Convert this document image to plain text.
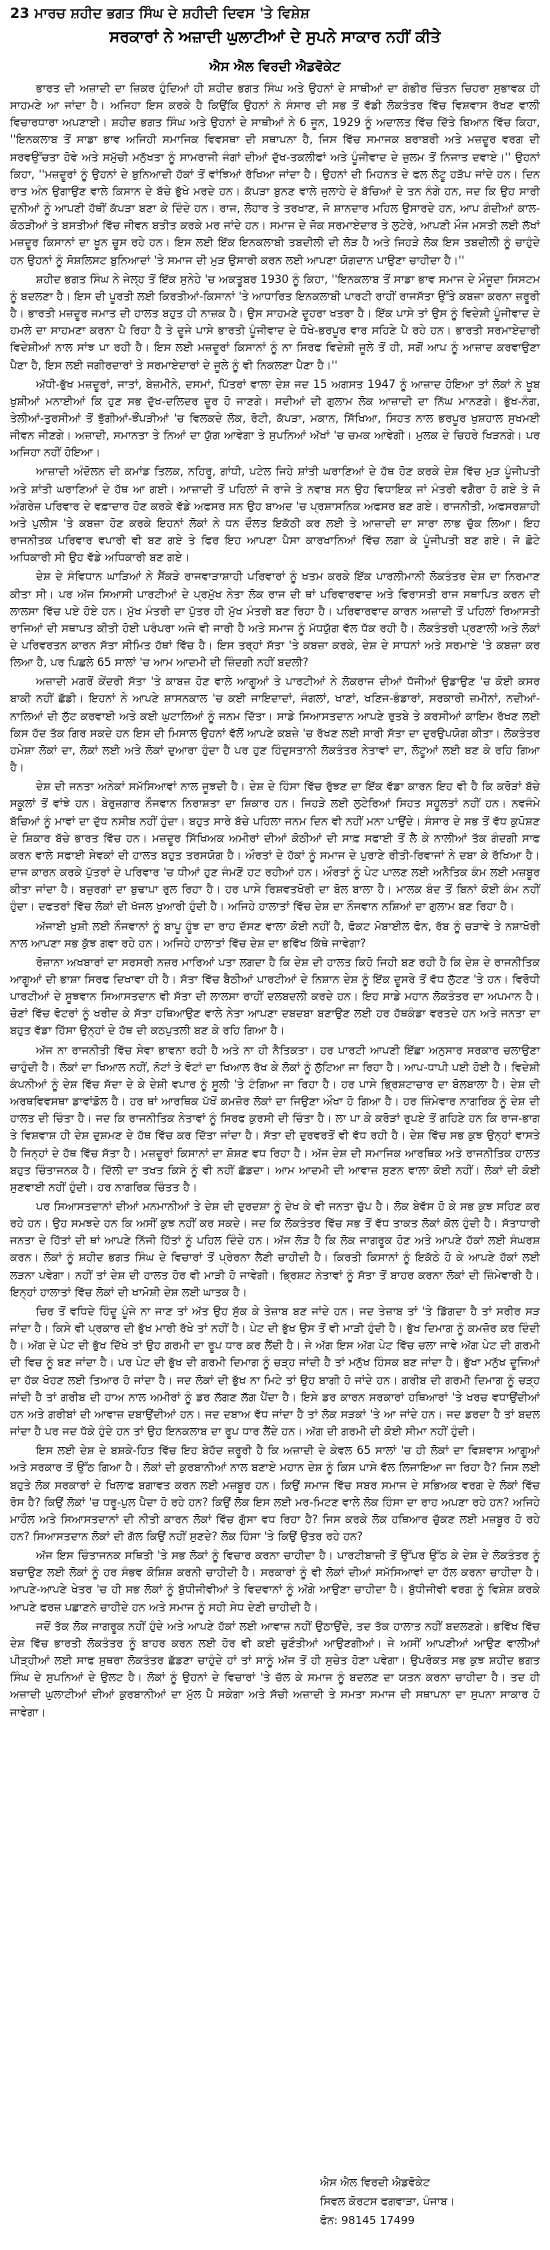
23 ਮਾਰਚ ਸ਼ਹੀਦ ਭਗਤ ਸਿੰਘ ਦੇ ਸ਼ਹੀਦੀ ਦਿਵਸ 'ਤੇ ਵਿਸ਼ੇਸ਼
ਸਰਕਾਰਾਂ ਨੇ ਅਜ਼ਾਦੀ ਘੁਲਾਟੀਆਂ ਦੇ ਸੁਪਨੇ ਸਾਕਾਰ ਨਹੀਂ ਕੀਤੇ
ਐਸ ਐਲ ਵਿਰਦੀ ਐਡਵੋਕੇਟ

ਭਾਰਤ ਦੀ ਅਜ਼ਾਦੀ ਦਾ ਜ਼ਿਕਰ ਹੁੰਦਿਆਂ ਹੀ ਸ਼ਹੀਦ ਭਗਤ ਸਿੰਘ ਅਤੇ ਉਹਨਾਂ ਦੇ ਸਾਥੀਆਂ ਦਾ ਗੰਭੀਰ ਚਿੰਤਨ ਚਿਹਰਾ ਸੁਭਾਵਕ ਹੀ ਸਾਹਮਣੇ ਆ ਜਾਂਦਾ ਹੈ। ਅਜਿਹਾ ਇਸ ਕਰਕੇ ਹੈ ਕਿਉਂਕਿ ਉਹਨਾਂ ਨੇ ਸੰਸਾਰ ਦੀ ਸਭ ਤੋਂ ਵੱਡੀ ਲੋਕਤੰਤਰ ਵਿੱਚ ਵਿਸ਼ਵਾਸ ਰੱਖਣ ਵਾਲੀ ਵਿਚਾਰਧਾਰਾ ਅਪਣਾਈ। ਸ਼ਹੀਦ ਭਗਤ ਸਿੰਘ ਅਤੇ ਉਹਨਾਂ ਦੇ ਸਾਥੀਆਂ ਨੇ 6 ਜੂਨ, 1929 ਨੂੰ ਅਦਾਲਤ ਵਿੱਚ ਦਿੱਤੇ ਬਿਆਨ ਵਿੱਚ ਕਿਹਾ, ''ਇਨਕਲਾਬ ਤੋਂ ਸਾਡਾ ਭਾਵ ਅਜਿਹੀ ਸਮਾਜਿਕ ਵਿਵਸਥਾ ਦੀ ਸਥਾਪਨਾ ਹੈ, ਜਿਸ ਵਿੱਚ ਸਮਾਜਕ ਬਰਾਬਰੀ ਅਤੇ ਮਜ਼ਦੂਰ ਵਰਗ ਦੀ ਸਰਵਉੱਚਤਾ ਹੋਵੇ ਅਤੇ ਸਮੁੱਚੀ ਮਨੁੱਖਤਾ ਨੂੰ ਸਾਮਰਾਜੀ ਜੰਗਾਂ ਦੀਆਂ ਦੁੱਖ-ਤਕਲੀਫਾਂ ਅਤੇ ਪੂੰਜੀਵਾਦ ਦੇ ਜ਼ੁਲਮ ਤੋਂ ਨਿਜਾਤ ਦਵਾਏ।'' ਉਹਨਾਂ ਕਿਹਾ, ''ਮਜ਼ਦੂਰਾਂ ਨੂੰ ਉਹਨਾਂ ਦੇ ਬੁਨਿਆਦੀ ਹੱਕਾਂ ਤੋਂ ਵਾਂਝਿਆਂ ਰੱਖਿਆ ਜਾਂਦਾ ਹੈ। ਉਹਨਾਂ ਦੀ ਮਿਹਨਤ ਦੇ ਫਲ ਲੋਟੂ ਹੜੱਪ ਜਾਂਦੇ ਹਨ। ਦਿਨ ਰਾਤ ਅੰਨ ਉਗਾਉਣ ਵਾਲੇ ਕਿਸਾਨ ਦੇ ਬੱਚੇ ਭੁੱਖੇ ਮਰਦੇ ਹਨ। ਕੱਪੜਾ ਬੁਨਣ ਵਾਲੇ ਜੁਲਾਹੇ ਦੇ ਬੱਚਿਆਂ ਦੇ ਤਨ ਨੰਗੇ ਹਨ, ਜਦ ਕਿ ਉਹ ਸਾਰੀ ਦੁਨੀਆਂ ਨੂੰ ਆਪਣੀ ਹੱਥੀਂ ਕੱਪੜਾ ਬਣਾ ਕੇ ਦਿੰਦੇ ਹਨ। ਰਾਜ, ਲੋਹਾਰ ਤੇ ਤਰਖਾਣ, ਜੋ ਸ਼ਾਨਦਾਰ ਮਹਿਲ ਉਸਾਰਦੇ ਹਨ, ਆਪ ਗੰਦੀਆਂ ਕਾਲ-ਕੋਠੜੀਆਂ ਤੇ ਬਸਤੀਆਂ ਵਿੱਚ ਜੀਵਨ ਬਤੀਤ ਕਰਕੇ ਮਰ ਜਾਂਦੇ ਹਨ। ਸਮਾਜ ਦੇ ਜੋਕ ਸਰਮਾਏਦਾਰ ਤੇ ਲੁਟੇਰੇ, ਆਪਣੀ ਮੌਜ ਮਸਤੀ ਲਈ ਲੱਖਾਂ ਮਜ਼ਦੂਰ ਕਿਸਾਨਾਂ ਦਾ ਖੂਨ ਚੂਸ ਰਹੇ ਹਨ। ਇਸ ਲਈ ਇੱਕ ਇਨਕਲਾਬੀ ਤਬਦੀਲੀ ਦੀ ਲੋੜ ਹੈ ਅਤੇ ਜਿਹੜੇ ਲੋਕ ਇਸ ਤਬਦੀਲੀ ਨੂੰ ਚਾਹੁੰਦੇ ਹਨ ਉਹਨਾਂ ਨੂੰ ਸੋਸ਼ਲਿਸਟ ਬੁਨਿਆਦਾਂ 'ਤੇ ਸਮਾਜ ਦੀ ਮੁੜ ਉਸਾਰੀ ਕਰਨ ਲਈ ਆਪਣਾ ਯੋਗਦਾਨ ਪਾਉਣਾ ਚਾਹੀਦਾ ਹੈ।''

ਸ਼ਹੀਦ ਭਗਤ ਸਿੰਘ ਨੇ ਜੇਲ੍ਹ ਤੋਂ ਇੱਕ ਸੁਨੇਹੇ 'ਚ ਅਕਤੂਬਰ 1930 ਨੂੰ ਕਿਹਾ, ''ਇਨਕਲਾਬ ਤੋਂ ਸਾਡਾ ਭਾਵ ਸਮਾਜ ਦੇ ਮੌਜੂਦਾ ਸਿਸਟਮ ਨੂੰ ਬਦਲਣਾ ਹੈ। ਇਸ ਦੀ ਪੂਰਤੀ ਲਈ ਕਿਰਤੀਆਂ-ਕਿਸਾਨਾਂ 'ਤੇ ਆਧਾਰਿਤ ਇਨਕਲਾਬੀ ਪਾਰਟੀ ਰਾਹੀਂ ਰਾਜਸੱਤਾ ਉੱਤੇ ਕਬਜ਼ਾ ਕਰਨਾ ਜ਼ਰੂਰੀ ਹੈ। ਭਾਰਤੀ ਮਜ਼ਦੂਰ ਜਮਾਤ ਦੀ ਹਾਲਤ ਬਹੁਤ ਹੀ ਨਾਜ਼ਕ ਹੈ। ਉਸ ਸਾਹਮਣੇ ਦੂਹਰਾ ਖਤਰਾ ਹੈ। ਇੱਕ ਪਾਸੇ ਤਾਂ ਉਸ ਨੂੰ ਵਿਦੇਸ਼ੀ ਪੂੰਜੀਵਾਦ ਦੇ ਹਮਲੇ ਦਾ ਸਾਹਮਣਾ ਕਰਨਾ ਪੈ ਰਿਹਾ ਹੈ ਤੇ ਦੂਜੇ ਪਾਸੇ ਭਾਰਤੀ ਪੂੰਜੀਵਾਦ ਦੇ ਧੋਖੇ-ਭਰਪੂਰ ਵਾਰ ਸਹਿਣੇ ਪੈ ਰਹੇ ਹਨ। ਭਾਰਤੀ ਸਰਮਾਏਦਾਰੀ ਵਿਦੇਸ਼ੀਆਂ ਨਾਲ ਸਾਂਝ ਪਾ ਰਹੀ ਹੈ। ਇਸ ਲਈ ਮਜ਼ਦੂਰਾਂ ਕਿਸਾਨਾਂ ਨੂੰ ਨਾ ਸਿਰਫ ਵਿਦੇਸ਼ੀ ਜੂਲੇ ਤੋਂ ਹੀ, ਸਗੋਂ ਆਪ ਨੂੰ ਆਜ਼ਾਦ ਕਰਵਾਉਣਾ ਪੈਣਾ ਹੈ, ਇਸ ਲਈ ਜਗੀਰਦਾਰਾਂ ਤੇ ਸਰਮਾਏਦਾਰਾਂ ਦੇ ਜੂਲੇ ਨੂੰ ਵੀ ਨਿਕਲਣਾ ਪੈਣਾ ਹੈ।''

ਅੱਧੀ-ਭੁੱਖ ਮਜ਼ਦੂਰਾਂ, ਜਾਤਾਂ, ਬੇਜ਼ਮੀਨੇ, ਦਸਮਾਂ, ਪਿੱਤਰਾਂ ਵਾਲਾ ਦੇਸ਼ ਜਦ 15 ਅਗਸਤ 1947 ਨੂੰ ਆਜ਼ਾਦ ਹੋਇਆ ਤਾਂ ਲੋਕਾਂ ਨੇ ਖੂਬ ਖੁਸ਼ੀਆਂ ਮਨਾਈਆਂ ਕਿ ਹੁਣ ਸਭ ਦੁੱਖ-ਦਲਿਦਰ ਦੂਰ ਹੋ ਜਾਣਗੇ। ਸਦੀਆਂ ਦੀ ਗੁਲਾਮ ਲੋਕ ਆਜ਼ਾਦੀ ਦਾ ਨਿੱਘ ਮਾਨਣਗੇ। ਭੁੱਖ-ਨੰਗ, ਤੇਲੀਆਂ-ਤੁਰਸੀਆਂ ਤੋਂ ਝੁੱਗੀਆਂ-ਝੌਂਪੜੀਆਂ 'ਚ ਵਿਲਕਦੇ ਲੋਕ, ਰੋਟੀ, ਕੱਪੜਾ, ਮਕਾਨ, ਸਿੱਖਿਆ, ਸਿਹਤ ਨਾਲ ਭਰਪੂਰ ਖੁਸ਼ਹਾਲ ਸੁਖਮਈ ਜੀਵਨ ਜੀਣਗੇ। ਅਜ਼ਾਦੀ, ਸਮਾਨਤਾ ਤੇ ਨਿਆਂ ਦਾ ਯੁੱਗ ਆਵੇਗਾ ਤੇ ਸੁਪਨਿਆਂ ਅੱਖਾਂ 'ਚ ਚਮਕ ਆਵੇਗੀ। ਮੁਲਕ ਦੇ ਚਿਹਰੇ ਖਿੜਨਗੇ। ਪਰ ਅਜਿਹਾ ਨਹੀਂ ਹੋਇਆ।

ਆਜ਼ਾਦੀ ਅੰਦੋਲਨ ਦੀ ਕਮਾਂਡ ਤਿਲਕ, ਨਹਿਰੂ, ਗਾਂਧੀ, ਪਟੇਲ ਜਿਹੇ ਸ਼ਾਂਤੀ ਘਰਾਣਿਆਂ ਦੇ ਹੱਥ ਹੋਣ ਕਰਕੇ ਦੇਸ਼ ਵਿੱਚ ਮੁੜ ਪੂੰਜੀਪਤੀ ਅਤੇ ਸ਼ਾਂਤੀ ਘਰਾਣਿਆਂ ਦੇ ਹੱਥ ਆ ਗਈ। ਆਜ਼ਾਦੀ ਤੋਂ ਪਹਿਲਾਂ ਜੋ ਰਾਜੇ ਤੇ ਨਵਾਬ ਸਨ ਉਹ ਵਿਧਾਇਕ ਜਾਂ ਮੰਤਰੀ ਵਗੈਰਾ ਹੋ ਗਏ ਤੇ ਜੋ ਅੰਗਰੇਜ਼ ਪਰਿਵਾਰ ਦੇ ਵਫ਼ਾਦਾਰ ਹੋਣ ਕਰਕੇ ਵੱਡੇ ਅਫਸਰ ਸਨ ਉਹ ਬਾਅਦ 'ਚ ਪ੍ਰਸ਼ਾਸਨਿਕ ਅਫਸਰ ਬਣ ਗਏ। ਰਾਜਨੀਤੀ, ਅਫਸਰਸ਼ਾਹੀ ਅਤੇ ਪੁਲੀਸ 'ਤੇ ਕਬਜ਼ਾ ਹੋਣ ਕਰਕੇ ਇਹਨਾਂ ਲੋਕਾਂ ਨੇ ਧਨ ਦੌਲਤ ਇਕੱਠੀ ਕਰ ਲਈ ਤੇ ਆਜ਼ਾਦੀ ਦਾ ਸਾਰਾ ਲਾਭ ਚੁੱਕ ਲਿਆ। ਇਹ ਰਾਜਨੀਤਕ ਪਰਿਵਾਰ ਵਪਾਰੀ ਵੀ ਬਣ ਗਏ ਤੇ ਫਿਰ ਇਹ ਆਪਣਾ ਪੈਸਾ ਕਾਰਖਾਨਿਆਂ ਵਿੱਚ ਲਗਾ ਕੇ ਪੂੰਜੀਪਤੀ ਬਣ ਗਏ। ਜੋ ਛੋਟੇ ਅਧਿਕਾਰੀ ਸੀ ਉਹ ਵੱਡੇ ਅਧਿਕਾਰੀ ਬਣ ਗਏ।

ਦੇਸ਼ ਦੇ ਸੰਵਿਧਾਨ ਘਾੜਿਆਂ ਨੇ ਸੈਂਕੜੇ ਰਾਜਵਾੜਾਸ਼ਾਹੀ ਪਰਿਵਾਰਾਂ ਨੂੰ ਖਤਮ ਕਰਕੇ ਇੱਕ ਪਾਰਲੀਮਾਨੀ ਲੋਕਤੰਤਰ ਦੇਸ਼ ਦਾ ਨਿਰਮਾਣ ਕੀਤਾ ਸੀ। ਪਰ ਅੱਜ ਸਿਆਸੀ ਪਾਰਟੀਆਂ ਦੇ ਪ੍ਰਮੁੱਖ ਨੇਤਾ ਲੋਕ ਰਾਜ ਦੀ ਥਾਂ ਪਰਿਵਾਰਵਾਦ ਅਤੇ ਵਿਰਾਸਤੀ ਰਾਜ ਸਥਾਪਿਤ ਕਰਨ ਦੀ ਲਾਲਸਾ ਵਿੱਚ ਪਏ ਹੋਏ ਹਨ। ਮੁੱਖ ਮੰਤਰੀ ਦਾ ਪੁੱਤਰ ਹੀ ਮੁੱਖ ਮੰਤਰੀ ਬਣ ਰਿਹਾ ਹੈ। ਪਰਿਵਾਰਵਾਦ ਕਾਰਨ ਅਜ਼ਾਦੀ ਤੋਂ ਪਹਿਲਾਂ ਰਿਆਸਤੀ ਰਾਜਿਆਂ ਦੀ ਸਥਾਪਤ ਕੀਤੀ ਹੋਈ ਪਰੰਪਰਾ ਅਜੇ ਵੀ ਜਾਰੀ ਹੈ ਅਤੇ ਸਮਾਜ ਨੂੰ ਮੱਧਯੁੱਗ ਵੱਲ ਧੱਕ ਰਹੀ ਹੈ। ਲੋਕਤੰਤਰੀ ਪ੍ਰਣਾਲੀ ਅਤੇ ਲੋਕਾਂ ਦੇ ਪਰਿਵਰਤਨ ਕਾਰਨ ਸੱਤਾ ਸੀਮਿਤ ਹੱਥਾਂ ਵਿੱਚ ਹੈ। ਇਸ ਤਰ੍ਹਾਂ ਸੱਤਾ 'ਤੇ ਕਬਜ਼ਾ ਕਰਕੇ, ਦੇਸ਼ ਦੇ ਸਾਧਨਾਂ ਅਤੇ ਸਰਮਾਏ 'ਤੇ ਕਬਜ਼ਾ ਕਰ ਲਿਆ ਹੈ, ਪਰ ਪਿਛਲੇ 65 ਸਾਲਾਂ 'ਚ ਆਮ ਆਦਮੀ ਦੀ ਜ਼ਿੰਦਗੀ ਨਹੀਂ ਬਦਲੀ?

ਅਜ਼ਾਦੀ ਮਗਰੋਂ ਕੇਂਦਰੀ ਸੱਤਾ 'ਤੇ ਕਾਬਜ਼ ਹੋਣ ਵਾਲੇ ਆਗੂਆਂ ਤੇ ਪਾਰਟੀਆਂ ਨੇ ਲੋਕਰਾਜ ਦੀਆਂ ਧੱਜੀਆਂ ਉਡਾਉਣ 'ਚ ਕੋਈ ਕਸਰ ਬਾਕੀ ਨਹੀਂ ਛੱਡੀ। ਇਹਨਾਂ ਨੇ ਆਪਣੇ ਸ਼ਾਸਨਕਾਲ 'ਚ ਕਈ ਜਾਇਦਾਦਾਂ, ਜੰਗਲਾਂ, ਖਾਣਾਂ, ਖਣਿਜ-ਭੰਡਾਰਾਂ, ਸਰਕਾਰੀ ਜ਼ਮੀਨਾਂ, ਨਦੀਆਂ-ਨਾਲਿਆਂ ਦੀ ਲੁੱਟ ਕਰਵਾਈ ਅਤੇ ਕਈ ਘੁਟਾਲਿਆਂ ਨੂੰ ਜਨਮ ਦਿੱਤਾ। ਸਾਡੇ ਸਿਆਸਤਦਾਨ ਆਪਣੇ ਰੁਤਬੇ ਤੇ ਕਰਸੀਆਂ ਕਾਇਮ ਰੱਖਣ ਲਈ ਕਿਸ ਹੱਦ ਤੱਕ ਗਿਰ ਸਕਦੇ ਹਨ ਇਸ ਦੀ ਮਿਸਾਲ ਉਹਨਾਂ ਵੱਲੋਂ ਆਪਣੇ ਕਬਜ਼ੇ 'ਚ ਰੱਖਣ ਲਈ ਸਾਰੀ ਸੱਤਾ ਦਾ ਦੁਰਉਪਯੋਗ ਕੀਤਾ। ਲੋਕਤੰਤਰ ਹਮੇਸ਼ਾ ਲੋਕਾਂ ਦਾ, ਲੋਕਾਂ ਲਈ ਅਤੇ ਲੋਕਾਂ ਦੁਆਰਾ ਹੁੰਦਾ ਹੈ ਪਰ ਹੁਣ ਹਿੰਦੁਸਤਾਨੀ ਲੋਕਤੰਤਰ ਨੇਤਾਵਾਂ ਦਾ, ਲੋਟੂਆਂ ਲਈ ਬਣ ਕੇ ਰਹਿ ਗਿਆ ਹੈ।

ਦੇਸ਼ ਦੀ ਜਨਤਾ ਅਨੇਕਾਂ ਸਮੱਸਿਆਵਾਂ ਨਾਲ ਜੂਝਦੀ ਹੈ। ਦੇਸ਼ ਦੇ ਹਿੰਸਾ ਵਿੱਚ ਰੁੱਝਣ ਦਾ ਇੱਕ ਵੱਡਾ ਕਾਰਨ ਇਹ ਵੀ ਹੈ ਕਿ ਕਰੋੜਾਂ ਬੱਚੇ ਸਕੂਲਾਂ ਤੋਂ ਵਾਂਝੇ ਹਨ। ਬੇਰੁਜ਼ਗਾਰ ਨੌਜਵਾਨ ਨਿਰਾਸ਼ਤਾ ਦਾ ਸ਼ਿਕਾਰ ਹਨ। ਜਿਹੜੇ ਲਈ ਲੁਟੇਰਿਆਂ ਸਿਹਤ ਸਹੂਲਤਾਂ ਨਹੀਂ ਹਨ। ਨਵਜੰਮੇ ਬੱਚਿਆਂ ਨੂੰ ਮਾਵਾਂ ਦਾ ਦੁੱਧ ਨਸੀਬ ਨਹੀਂ ਹੁੰਦਾ। ਬਹੁਤ ਸਾਰੇ ਬੱਚੇ ਪਹਿਲਾ ਜਨਮ ਦਿਨ ਵੀ ਨਹੀਂ ਮਨਾ ਪਾਉਂਦੇ। ਸੰਸਾਰ ਦੇ ਸਭ ਤੋਂ ਵੱਧ ਕੁਪੋਸ਼ਣ ਦੇ ਸ਼ਿਕਾਰ ਬੱਚੇ ਭਾਰਤ ਵਿੱਚ ਹਨ। ਮਜ਼ਦੂਰ ਸਿੱਖਿਅਕ ਅਮੀਰਾਂ ਦੀਆਂ ਕੋਠੀਆਂ ਦੀ ਸਾਫ਼ ਸਫਾਈ ਤੋਂ ਲੈ ਕੇ ਨਾਲੀਆਂ ਤੱਕ ਗੰਦਗੀ ਸਾਫ ਕਰਨ ਵਾਲੇ ਸਫਾਈ ਸੇਵਕਾਂ ਦੀ ਹਾਲਤ ਬਹੁਤ ਤਰਸਯੋਗ ਹੈ। ਔਰਤਾਂ ਦੇ ਹੱਕਾਂ ਨੂੰ ਸਮਾਜ ਦੇ ਪੁਰਾਣੇ ਰੀਤੀ-ਰਿਵਾਜਾਂ ਨੇ ਦਬਾ ਕੇ ਰੱਖਿਆ ਹੈ। ਦਾਜ ਕਾਰਨ ਕਰਕੇ ਪੁੱਤਰਾਂ ਦੇ ਪਰਿਵਾਰ 'ਚ ਧੀਆਂ ਹੁਣ ਜੰਮਣੋਂ ਹਟ ਰਹੀਆਂ ਹਨ। ਔਰਤਾਂ ਨੂੰ ਪੇਟ ਪਾਲਣ ਲਈ ਅਨੈਤਿਕ ਕੰਮ ਲਈ ਮਜ਼ਬੂਰ ਕੀਤਾ ਜਾਂਦਾ ਹੈ। ਬਜ਼ੁਰਗਾਂ ਦਾ ਬੁਢਾਪਾ ਰੁਲ ਰਿਹਾ ਹੈ। ਹਰ ਪਾਸੇ ਰਿਸ਼ਵਤਖੋਰੀ ਦਾ ਬੋਲ ਬਾਲਾ ਹੈ। ਮਾਲਕ ਬੰਦ ਤੋਂ ਬਿਨਾਂ ਕੋਈ ਕੰਮ ਨਹੀਂ ਹੁੰਦਾ। ਦਫਤਰਾਂ ਵਿੱਚ ਲੋਕਾਂ ਦੀ ਖੱਜਲ ਖੁਆਰੀ ਹੁੰਦੀ ਹੈ। ਅਜਿਹੇ ਹਾਲਾਤਾਂ ਵਿੱਚ ਦੇਸ਼ ਦਾ ਨੌਜਵਾਨ ਨਸ਼ਿਆਂ ਦਾ ਗੁਲਾਮ ਬਣ ਰਿਹਾ ਹੈ।

ਅੱਜਾਈ ਖੁਸ਼ੀ ਲਈ ਨੌਜਵਾਨਾਂ ਨੂੰ ਬਾਪੂ ਹੂੰਝ ਦਾ ਰਾਹ ਦੱਸਣ ਵਾਲਾ ਕੋਈ ਨਹੀਂ ਹੈ, ਫੋਕਟ ਮੋਬਾਈਲ ਫੋਨ, ਰੱਬ ਨੂੰ ਚੜਾਵੇ ਤੇ ਨਸ਼ਾਖੋਰੀ ਨਾਲ ਆਪਣਾ ਸਭ ਕੁੱਝ ਗਵਾ ਰਹੇ ਹਨ। ਅਜਿਹੇ ਹਾਲਾਤਾਂ ਵਿੱਚ ਦੇਸ਼ ਦਾ ਭਵਿੱਖ ਕਿੱਥੇ ਜਾਵੇਗਾ?

ਰੋਜ਼ਾਨਾ ਅਖਬਾਰਾਂ ਦਾ ਸਰਸਰੀ ਨਜ਼ਰ ਮਾਰਿਆਂ ਪਤਾ ਲਗਦਾ ਹੈ ਕਿ ਦੇਸ਼ ਦੀ ਹਾਲਤ ਕਿਹੋ ਜਿਹੀ ਬਣ ਰਹੀ ਹੈ ਕਿ ਦੇਸ਼ ਦੇ ਰਾਜਨੀਤਿਕ ਆਗੂਆਂ ਦੀ ਭਾਸ਼ਾ ਸਿਰਫ ਦਿਖਾਵਾ ਹੀ ਹੈ। ਸੱਤਾ ਵਿੱਚ ਬੈਠੀਆਂ ਪਾਰਟੀਆਂ ਦੇ ਨਿਸ਼ਾਨ ਦੇਸ਼ ਨੂੰ ਇੱਕ ਦੂਸਰੇ ਤੋਂ ਵੱਧ ਲੁੱਟਣ 'ਤੇ ਹਨ। ਵਿਰੋਧੀ ਪਾਰਟੀਆਂ ਦੇ ਸੂਝਵਾਨ ਸਿਆਸਤਦਾਨ ਵੀ ਸੱਤਾ ਦੀ ਲਾਲਸਾ ਰਾਹੀਂ ਦਲਬਦਲੀ ਕਰਦੇ ਹਨ। ਇਹ ਸਾਡੇ ਮਹਾਨ ਲੋਕਤੰਤਰ ਦਾ ਅਪਮਾਨ ਹੈ। ਚੋਣਾਂ ਵਿੱਚ ਵੋਟਰਾਂ ਨੂੰ ਖਰੀਦ ਕੇ ਸੱਤਾ ਹਥਿਆਉਣ ਵਾਲੇ ਨੇਤਾ ਆਪਣਾ ਦਬਦਬਾ ਬਣਾਉਣ ਲਈ ਹਰ ਹੱਥਕੰਡਾ ਵਰਤਦੇ ਹਨ ਅਤੇ ਜਨਤਾ ਦਾ ਬਹੁਤ ਵੱਡਾ ਹਿੱਸਾ ਉਨ੍ਹਾਂ ਦੇ ਹੱਥ ਦੀ ਕਠਪੁਤਲੀ ਬਣ ਕੇ ਰਹਿ ਗਿਆ ਹੈ।

ਅੱਜ ਨਾ ਰਾਜਨੀਤੀ ਵਿੱਚ ਸੇਵਾ ਭਾਵਨਾ ਰਹੀ ਹੈ ਅਤੇ ਨਾ ਹੀ ਨੈਤਿਕਤਾ। ਹਰ ਪਾਰਟੀ ਆਪਣੀ ਇੱਛਾ ਅਨੁਸਾਰ ਸਰਕਾਰ ਚਲਾਉਣਾ ਚਾਹੁੰਦੀ ਹੈ। ਲੋਕਾਂ ਦਾ ਖਿਆਲ ਨਹੀਂ, ਨੋਟਾਂ ਤੇ ਵੋਟਾਂ ਦਾ ਖਿਆਲ ਰੱਖ ਕੇ ਲੋਕਾਂ ਨੂੰ ਲੁੱਟਿਆ ਜਾ ਰਿਹਾ ਹੈ। ਆਪ-ਧਾਪੀ ਪਈ ਹੋਈ ਹੈ। ਵਿਦੇਸ਼ੀ ਕੰਪਨੀਆਂ ਨੂੰ ਦੇਸ਼ ਵਿੱਚ ਸੱਦਾ ਦੇ ਕੇ ਦੇਸ਼ੀ ਵਪਾਰ ਨੂੰ ਸੂਲੀ 'ਤੇ ਟੰਗਿਆ ਜਾ ਰਿਹਾ ਹੈ। ਹਰ ਪਾਸੇ ਭ੍ਰਿਸ਼ਟਾਚਾਰ ਦਾ ਬੋਲਬਾਲਾ ਹੈ। ਦੇਸ਼ ਦੀ ਅਰਥਵਿਵਸਥਾ ਡਾਵਾਂਡੋਲ ਹੈ। ਹਰ ਥਾਂ ਆਰਥਿਕ ਪੱਖੋਂ ਕਮਜ਼ੋਰ ਲੋਕਾਂ ਦਾ ਜਿਉਣਾ ਔਖਾ ਹੋ ਗਿਆ ਹੈ। ਹਰ ਜ਼ਿੰਮੇਵਾਰ ਨਾਗਰਿਕ ਨੂੰ ਦੇਸ਼ ਦੀ ਹਾਲਤ ਦੀ ਚਿੰਤਾ ਹੈ। ਜਦ ਕਿ ਰਾਜਨੀਤਿਕ ਨੇਤਾਵਾਂ ਨੂੰ ਸਿਰਫ ਕੁਰਸੀ ਦੀ ਚਿੰਤਾ ਹੈ। ਲਾ ਪਾ ਕੇ ਕਰੋੜਾਂ ਰੁਪਏ ਤੋਂ ਗਹਿਣੇ ਹਨ ਕਿ ਰਾਜ-ਭਾਗ ਤੇ ਵਿਸ਼ਵਾਸ਼ ਹੀ ਦੇਸ਼ ਦੁਸ਼ਮਣ ਦੇ ਹੱਥ ਵਿੱਚ ਕਰ ਦਿੱਤਾ ਜਾਂਦਾ ਹੈ। ਸੱਤਾ ਦੀ ਦੁਰਵਰਤੋਂ ਵੀ ਵੱਧ ਰਹੀ ਹੈ। ਦੇਸ਼ ਵਿੱਚ ਸਭ ਕੁਝ ਉਨ੍ਹਾਂ ਵਾਸਤੇ ਹੈ ਜਿਨ੍ਹਾਂ ਦੇ ਹੱਥ ਵਿੱਚ ਸੱਤਾ ਹੈ। ਮਜ਼ਦੂਰਾਂ ਕਿਸਾਨਾਂ ਦਾ ਸ਼ੋਸ਼ਣ ਵਧ ਰਿਹਾ ਹੈ। ਅੱਜ ਦੇਸ਼ ਦੀ ਸਮਾਜਿਕ ਆਰਥਿਕ ਅਤੇ ਰਾਜਨੀਤਿਕ ਹਾਲਤ ਬਹੁਤ ਚਿੰਤਾਜਨਕ ਹੈ। ਦਿੱਲੀ ਦਾ ਤਖਤ ਕਿਸੇ ਨੂੰ ਵੀ ਨਹੀਂ ਛੱਡਦਾ। ਆਮ ਆਦਮੀ ਦੀ ਆਵਾਜ਼ ਸੁਣਨ ਵਾਲਾ ਕੋਈ ਨਹੀਂ। ਲੋਕਾਂ ਦੀ ਕੋਈ ਸੁਣਵਾਈ ਨਹੀਂ ਹੁੰਦੀ। ਹਰ ਨਾਗਰਿਕ ਚਿੰਤਤ ਹੈ।

ਪਰ ਸਿਆਸਤਦਾਨਾਂ ਦੀਆਂ ਮਨਮਾਨੀਆਂ ਤੇ ਦੇਸ਼ ਦੀ ਦੁਰਦਸ਼ਾ ਨੂੰ ਦੇਖ ਕੇ ਵੀ ਜਨਤਾ ਚੁੱਪ ਹੈ। ਲੋਕ ਬੇਵੱਸ ਹੋ ਕੇ ਸਭ ਕੁਝ ਸਹਿਣ ਕਰ ਰਹੇ ਹਨ। ਉਹ ਸਮਝਦੇ ਹਨ ਕਿ ਅਸੀਂ ਕੁਝ ਨਹੀਂ ਕਰ ਸਕਦੇ। ਜਦ ਕਿ ਲੋਕਤੰਤਰ ਵਿੱਚ ਸਭ ਤੋਂ ਵੱਧ ਤਾਕਤ ਲੋਕਾਂ ਕੋਲ ਹੁੰਦੀ ਹੈ। ਸੱਤਾਧਾਰੀ ਜਨਤਾ ਦੇ ਹਿੱਤਾਂ ਦੀ ਥਾਂ ਆਪਣੇ ਨਿੱਜੀ ਹਿੱਤਾਂ ਨੂੰ ਪਹਿਲ ਦਿੰਦੇ ਹਨ। ਅੱਜ ਲੋੜ ਹੈ ਕਿ ਲੋਕ ਜਾਗਰੂਕ ਹੋਣ ਅਤੇ ਆਪਣੇ ਹੱਕਾਂ ਲਈ ਸੰਘਰਸ਼ ਕਰਨ। ਲੋਕਾਂ ਨੂੰ ਸ਼ਹੀਦ ਭਗਤ ਸਿੰਘ ਦੇ ਵਿਚਾਰਾਂ ਤੋਂ ਪ੍ਰੇਰਨਾ ਲੈਣੀ ਚਾਹੀਦੀ ਹੈ। ਕਿਰਤੀ ਕਿਸਾਨਾਂ ਨੂੰ ਇਕੱਠੇ ਹੋ ਕੇ ਆਪਣੇ ਹੱਕਾਂ ਲਈ ਲੜਨਾ ਪਵੇਗਾ। ਨਹੀਂ ਤਾਂ ਦੇਸ਼ ਦੀ ਹਾਲਤ ਹੋਰ ਵੀ ਮਾੜੀ ਹੋ ਜਾਵੇਗੀ। ਭ੍ਰਿਸ਼ਟ ਨੇਤਾਵਾਂ ਨੂੰ ਸੱਤਾ ਤੋਂ ਬਾਹਰ ਕਰਨਾ ਲੋਕਾਂ ਦੀ ਜ਼ਿੰਮੇਵਾਰੀ ਹੈ। ਇਨ੍ਹਾਂ ਹਾਲਾਤਾਂ ਵਿੱਚ ਲੋਕਾਂ ਦੀ ਖਾਮੋਸ਼ੀ ਦੇਸ਼ ਲਈ ਘਾਤਕ ਹੈ।

ਚਿਰ ਤੋਂ ਵਧਿਦੇ ਹਿੰਦੂ ਪੂੰਜੇ ਨਾ ਜਾਣ ਤਾਂ ਅੱਤ ਉਹ ਸੁੱਕ ਕੇ ਤੇਜ਼ਾਬ ਬਣ ਜਾਂਦੇ ਹਨ। ਜਦ ਤੇਜ਼ਾਬ ਤਾਂ 'ਤੇ ਡਿੱਗਦਾ ਹੈ ਤਾਂ ਸਰੀਰ ਸੜ ਜਾਂਦਾ ਹੈ। ਕਿਸੇ ਵੀ ਪ੍ਰਕਾਰ ਦੀ ਭੁੱਖ ਮਾਰੀ ਰੱਖੇ ਤਾਂ ਨਹੀਂ ਹੈ। ਪੇਟ ਦੀ ਭੁੱਖ ਉਸ ਤੋਂ ਵੀ ਮਾੜੀ ਹੁੰਦੀ ਹੈ। ਭੁੱਖ ਦਿਮਾਗ ਨੂੰ ਕਮਜ਼ੋਰ ਕਰ ਦਿੰਦੀ ਹੈ। ਅੱਗ ਦੇ ਪੇਟ ਦੀ ਭੁੱਖ ਦਿੱਖੇ ਤਾਂ ਉਹ ਗਰਮੀ ਦਾ ਰੂਪ ਧਾਰ ਕਰ ਲੈਂਦੀ ਹੈ। ਜੇ ਅੱਗ ਇਸ ਅੱਗ ਪੇਟ ਵਿੱਚ ਚਲਾ ਜਾਵੇ ਅੱਗ ਪੇਟ ਦੀ ਗਰਮੀ ਦੀ ਵਿਚ ਨੂੰ ਬਣ ਜਾਂਦਾ ਹੈ। ਪਰ ਪੇਟ ਦੀ ਭੁੱਖ ਦੀ ਗਰਮੀ ਦਿਮਾਗ ਨੂੰ ਚੜ੍ਹ ਜਾਂਦੀ ਹੈ ਤਾਂ ਮਨੁੱਖ ਹਿੰਸਕ ਬਣ ਜਾਂਦਾ ਹੈ। ਭੁੱਖਾ ਮਨੁੱਖ ਦੂਜਿਆਂ ਦਾ ਹੱਕ ਖੋਹਣ ਲਈ ਤਿਆਰ ਹੋ ਜਾਂਦਾ ਹੈ। ਜਦ ਲੋਕਾਂ ਦੀ ਭੁੱਖ ਨਾ ਮਿਟੇ ਤਾਂ ਉਹ ਬਾਗੀ ਹੋ ਜਾਂਦੇ ਹਨ। ਗਰੀਬ ਦੀ ਗਰਮੀ ਦਿਮਾਗ ਨੂੰ ਚੜ੍ਹ ਜਾਂਦੀ ਹੈ ਤਾਂ ਗਰੀਬ ਦੀ ਹਾਅ ਨਾਲ ਅਮੀਰਾਂ ਨੂੰ ਡਰ ਲੱਗਣ ਲੱਗ ਪੈਂਦਾ ਹੈ। ਇਸੇ ਡਰ ਕਾਰਨ ਸਰਕਾਰਾਂ ਹਥਿਆਰਾਂ 'ਤੇ ਖਰਚ ਵਧਾਉਂਦੀਆਂ ਹਨ ਅਤੇ ਗਰੀਬਾਂ ਦੀ ਆਵਾਜ਼ ਦਬਾਉਂਦੀਆਂ ਹਨ। ਜਦ ਦਬਾਅ ਵੱਧ ਜਾਂਦਾ ਹੈ ਤਾਂ ਲੋਕ ਸੜਕਾਂ 'ਤੇ ਆ ਜਾਂਦੇ ਹਨ। ਜਦ ਡਰਦਾ ਹੈ ਤਾਂ ਬਦਲ ਜਾਂਦਾ ਹੈ ਪਰ ਜਦ ਧੱਕੇ ਹੁੰਦੇ ਹਨ ਤਾਂ ਉਹ ਇਨਕਲਾਬ ਦਾ ਰੂਪ ਧਾਰ ਲੈਂਦੇ ਹਨ। ਅੱਗ ਦੀ ਗਰਮੀ ਦੀ ਕੋਈ ਸੀਮਾ ਨਹੀਂ ਹੁੰਦੀ।

ਇਸ ਲਈ ਦੇਸ਼ ਦੇ ਬਸ਼ਕੇ-ਹਿਤ ਵਿੱਚ ਇਹ ਬੇਹੱਦ ਜ਼ਰੂਰੀ ਹੈ ਕਿ ਅਜ਼ਾਦੀ ਦੇ ਕੇਵਲ 65 ਸਾਲਾਂ 'ਚ ਹੀ ਲੋਕਾਂ ਦਾ ਵਿਸ਼ਵਾਸ ਆਗੂਆਂ ਅਤੇ ਸਰਕਾਰ ਤੋਂ ਉੱਠ ਗਿਆ ਹੈ। ਲੋਕਾਂ ਦੀ ਕੁਰਬਾਨੀਆਂ ਨਾਲ ਬਣਾਏ ਮਹਾਨ ਦੇਸ਼ ਨੂੰ ਕਿਸ ਪਾਸੇ ਵੱਲ ਲਿਜਾਇਆ ਜਾ ਰਿਹਾ ਹੈ? ਜਿਸ ਲਈ ਬਹੁਤੇ ਲੋਕ ਸਰਕਾਰਾਂ ਦੇ ਖਿਲਾਫ ਬਗਾਵਤ ਕਰਨ ਲਈ ਮਜ਼ਬੂਰ ਹਨ। ਕਿਉਂ ਸਮਾਜ ਵਿੱਚ ਸਬਰ ਸਮਾਜ ਦੇ ਸਭਿਅਕ ਵਰਗ ਦੇ ਲੋਕਾਂ ਵਿੱਚ ਰੋਸ ਹੈ? ਕਿਉਂ ਲੋਕਾਂ 'ਚ ਧਰੂ-ਪੁਲ ਪੈਦਾ ਹੋ ਰਹੇ ਹਨ? ਕਿਉਂ ਲੋਕ ਇਸ ਲਈ ਮਰ-ਮਿਟਣ ਵਾਲੇ ਲੋਕ ਹਿੰਸਾ ਦਾ ਰਾਹ ਅਪਣਾ ਰਹੇ ਹਨ? ਅਜਿਹੇ ਮਾਹੌਲ ਅਤੇ ਸਿਆਸਤਦਾਨਾਂ ਦੀ ਨੀਤੀ ਕਾਰਨ ਲੋਕਾਂ ਵਿੱਚ ਗੁੱਸਾ ਵਧ ਰਿਹਾ ਹੈ? ਜਿਸ ਕਰਕੇ ਲੋਕ ਹਥਿਆਰ ਚੁੱਕਣ ਲਈ ਮਜ਼ਬੂਰ ਹੋ ਰਹੇ ਹਨ? ਸਿਆਸਤਦਾਨ ਲੋਕਾਂ ਦੀ ਗੱਲ ਕਿਉਂ ਨਹੀਂ ਸੁਣਦੇ? ਲੋਕ ਹਿੰਸਾ 'ਤੇ ਕਿਉਂ ਉਤਰ ਰਹੇ ਹਨ?

ਅੱਜ ਇਸ ਚਿੰਤਾਜਨਕ ਸਥਿਤੀ 'ਤੇ ਸਭ ਲੋਕਾਂ ਨੂੰ ਵਿਚਾਰ ਕਰਨਾ ਚਾਹੀਦਾ ਹੈ। ਪਾਰਟੀਬਾਜ਼ੀ ਤੋਂ ਉੱਪਰ ਉੱਠ ਕੇ ਦੇਸ਼ ਦੇ ਲੋਕਤੰਤਰ ਨੂੰ ਬਚਾਉਣ ਲਈ ਲੋਕਾਂ ਨੂੰ ਹਰ ਸੰਭਵ ਕੋਸ਼ਿਸ਼ ਕਰਨੀ ਚਾਹੀਦੀ ਹੈ। ਸਰਕਾਰਾਂ ਨੂੰ ਵੀ ਲੋਕਾਂ ਦੀਆਂ ਸਮੱਸਿਆਵਾਂ ਦਾ ਹੱਲ ਕਰਨਾ ਚਾਹੀਦਾ ਹੈ। ਆਪਣੇ-ਆਪਣੇ ਖੇਤਰ 'ਚ ਹੀ ਸਭ ਲੋਕਾਂ ਨੂੰ ਬੁੱਧੀਜੀਵੀਆਂ ਤੇ ਵਿਦਵਾਨਾਂ ਨੂੰ ਅੱਗੇ ਆਉਣਾ ਚਾਹੀਦਾ ਹੈ। ਬੁੱਧੀਜੀਵੀ ਵਰਗ ਨੂੰ ਵਿਸ਼ੇਸ਼ ਕਰਕੇ ਆਪਣੇ ਫਰਜ਼ ਪਛਾਣਨੇ ਚਾਹੀਦੇ ਹਨ ਅਤੇ ਸਮਾਜ ਨੂੰ ਸਹੀ ਸੇਧ ਦੇਣੀ ਚਾਹੀਦੀ ਹੈ।

ਜਦੋਂ ਤੱਕ ਲੋਕ ਜਾਗਰੂਕ ਨਹੀਂ ਹੁੰਦੇ ਅਤੇ ਆਪਣੇ ਹੱਕਾਂ ਲਈ ਆਵਾਜ਼ ਨਹੀਂ ਉਠਾਉਂਦੇ, ਤਦ ਤੱਕ ਹਾਲਾਤ ਨਹੀਂ ਬਦਲਣਗੇ। ਭਵਿੱਖ ਵਿੱਚ ਦੇਸ਼ ਵਿੱਚ ਭਾਰਤੀ ਲੋਕਤੰਤਰ ਨੂੰ ਬਾਹਰ ਕਰਨ ਲਈ ਹੋਰ ਵੀ ਕਈ ਚੁਣੌਤੀਆਂ ਆਉਣਗੀਆਂ। ਜੇ ਅਸੀਂ ਆਪਣੀਆਂ ਆਉਣ ਵਾਲੀਆਂ ਪੀੜ੍ਹੀਆਂ ਲਈ ਸਾਫ ਸੁਥਰਾ ਲੋਕਤੰਤਰ ਛੱਡਣਾ ਚਾਹੁੰਦੇ ਹਾਂ ਤਾਂ ਸਾਨੂੰ ਅੱਜ ਤੋਂ ਹੀ ਸੁਚੇਤ ਹੋਣਾ ਪਵੇਗਾ। ਉਪਰੋਕਤ ਸਭ ਕੁਝ ਸ਼ਹੀਦ ਭਗਤ ਸਿੰਘ ਦੇ ਸੁਪਨਿਆਂ ਦੇ ਉਲਟ ਹੈ। ਲੋਕਾਂ ਨੂੰ ਉਹਨਾਂ ਦੇ ਵਿਚਾਰਾਂ 'ਤੇ ਚੱਲ ਕੇ ਸਮਾਜ ਨੂੰ ਬਦਲਣ ਦਾ ਯਤਨ ਕਰਨਾ ਚਾਹੀਦਾ ਹੈ। ਤਦ ਹੀ ਅਜ਼ਾਦੀ ਘੁਲਾਟੀਆਂ ਦੀਆਂ ਕੁਰਬਾਨੀਆਂ ਦਾ ਮੁੱਲ ਪੈ ਸਕੇਗਾ ਅਤੇ ਸੱਚੀ ਅਜ਼ਾਦੀ ਤੇ ਸਮਤਾ ਸਮਾਜ ਦੀ ਸਥਾਪਨਾ ਦਾ ਸੁਪਨਾ ਸਾਕਾਰ ਹੋ ਜਾਵੇਗਾ।

ਐਸ ਐਲ ਵਿਰਦੀ ਐਡਵੋਕੇਟ
ਸਿਵਲ ਕੋਰਟਸ ਫਗਵਾੜਾ, ਪੰਜਾਬ।
ਫੋਨ: 98145 17499
